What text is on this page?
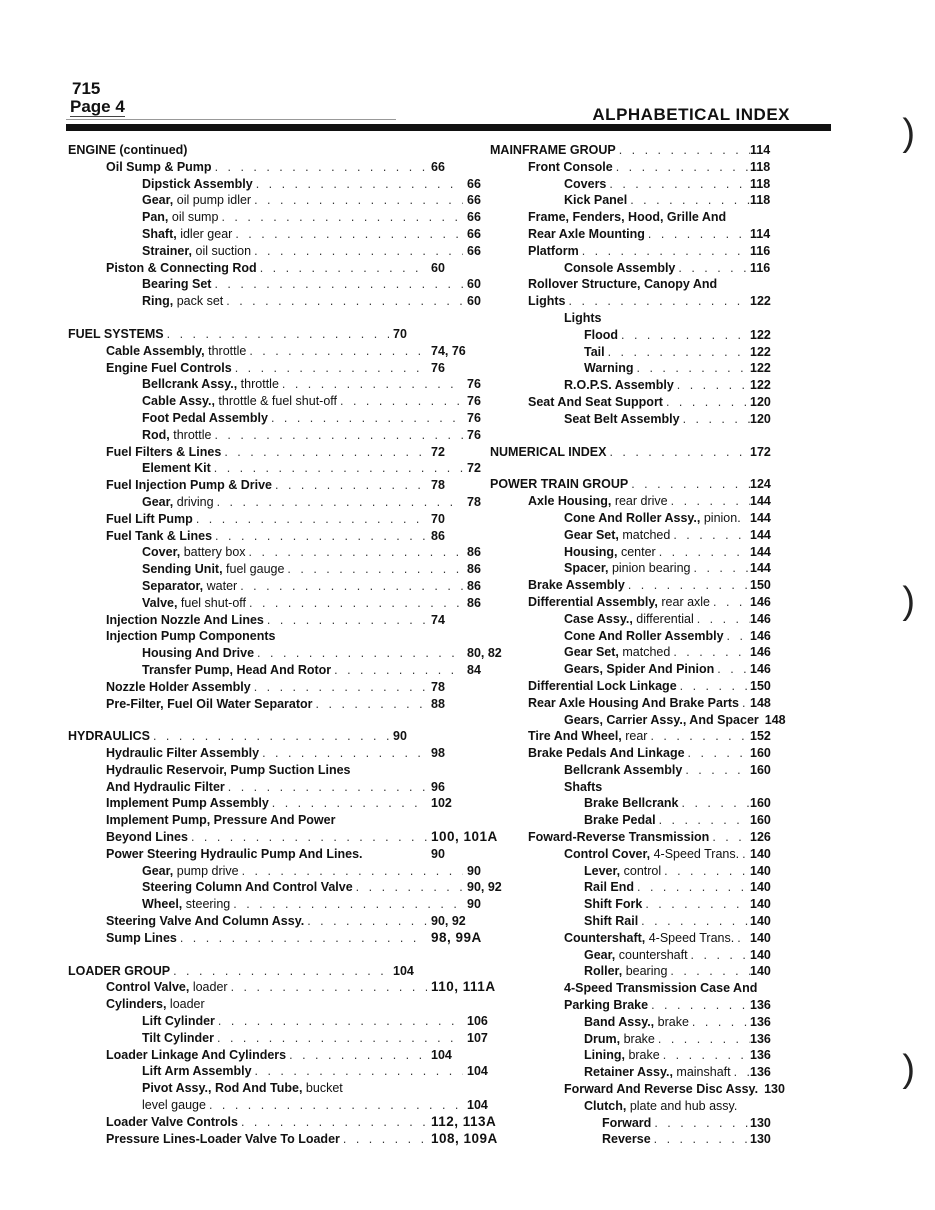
715
Page 4	ALPHABETICAL INDEX	)
)
)
ENGINE (continued)
Oil Sump & Pump . . .	66
Dipstick Assembly . . .	66
Gear, oil pump idler . . .	66
Pan, oil sump . . .	66
Shaft, idler gear . . .	66
Strainer, oil suction . . .	66
Piston & Connecting Rod . . .	60
Bearing Set . . .	60
Ring, pack set . . .	60
FUEL SYSTEMS . . .	70
Cable Assembly, throttle . . .	74, 76
Engine Fuel Controls . . .	76
Bellcrank Assy., throttle . . .	76
Cable Assy., throttle & fuel shut-off . . .	76
Foot Pedal Assembly . . .	76
Rod, throttle . . .	76
Fuel Filters & Lines . . .	72
Element Kit . . .	72
Fuel Injection Pump & Drive . . .	78
Gear, driving . . .	78
Fuel Lift Pump . . .	70
Fuel Tank & Lines . . .	86
Cover, battery box . . .	86
Sending Unit, fuel gauge . . .	86
Separator, water . . .	86
Valve, fuel shut-off . . .	86
Injection Nozzle And Lines . . .	74
Injection Pump Components
Housing And Drive . . .	80, 82
Transfer Pump, Head And Rotor . . .	84
Nozzle Holder Assembly . . .	78
Pre-Filter, Fuel Oil Water Separator . . .	88
HYDRAULICS . . .	90
Hydraulic Filter Assembly . . .	98
Hydraulic Reservoir, Pump Suction Lines
And Hydraulic Filter . . .	96
Implement Pump Assembly . . .	102
Implement Pump, Pressure And Power
Beyond Lines . . .	100, 101A
Power Steering Hydraulic Pump And Lines.	90
Gear, pump drive . . .	90
Steering Column And Control Valve . . .	90, 92
Wheel, steering . . .	90
Steering Valve And Column Assy. . . .	90, 92
Sump Lines . . .	98, 99A
LOADER GROUP . . .	104
Control Valve, loader . . .	110, 111A
Cylinders, loader
Lift Cylinder . . .	106
Tilt Cylinder . . .	107
Loader Linkage And Cylinders . . .	104
Lift Arm Assembly . . .	104
Pivot Assy., Rod And Tube, bucket
level gauge . . .	104
Loader Valve Controls . . .	112, 113A
Pressure Lines-Loader Valve To Loader . . .	108, 109A
MAINFRAME GROUP . . .	114
Front Console . . .	118
Covers . . .	118
Kick Panel . . .	118
Frame, Fenders, Hood, Grille And
Rear Axle Mounting . . .	114
Platform . . .	116
Console Assembly . . .	116
Rollover Structure, Canopy And
Lights . . .	122
Lights
Flood . . .	122
Tail . . .	122
Warning . . .	122
R.O.P.S. Assembly . . .	122
Seat And Seat Support . . .	120
Seat Belt Assembly . . .	120
NUMERICAL INDEX . . .	172
POWER TRAIN GROUP . . .	124
Axle Housing, rear drive . . .	144
Cone And Roller Assy., pinion. 144
Gear Set, matched . . .	144
Housing, center . . .	144
Spacer, pinion bearing . . .	144
Brake Assembly . . .	150
Differential Assembly, rear axle . . .	146
Case Assy., differential . . .	146
Cone And Roller Assembly . . . 146
Gear Set, matched . . .	146
Gears, Spider And Pinion . . .	146
Differential Lock Linkage . . .	150
Rear Axle Housing And Brake Parts . . . 148
Gears, Carrier Assy., And Spacer 148
Tire And Wheel, rear . . .	152
Brake Pedals And Linkage . . .	160
Bellcrank Assembly . . .	160
Shafts
Brake Bellcrank . . .	160
Brake Pedal . . .	160
Foward-Reverse Transmission . . .	126
Control Cover, 4-Speed Trans. . . . 140
Lever, control . . .	140
Rail End . . .	140
Shift Fork . . .	140
Shift Rail . . .	140
Countershaft, 4-Speed Trans. . . . 140
Gear, countershaft . . .	140
Roller, bearing . . .	140
4-Speed Transmission Case And
Parking Brake . . .	136
Band Assy., brake . . .	136
Drum, brake . . .	136
Lining, brake . . .	136
Retainer Assy., mainshaft . . . 136
Forward And Reverse Disc Assy. 130
Clutch, plate and hub assy.
Forward . . .	130
Reverse . . .	130
